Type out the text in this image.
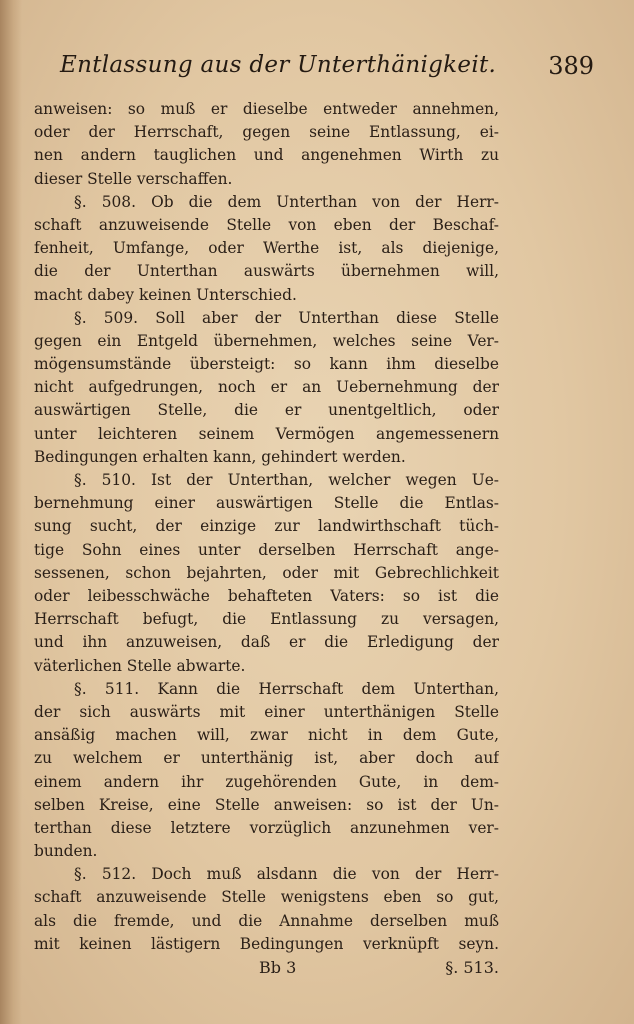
Entlassung aus der Unterthänigkeit. 389
anweisen: so muß er dieselbe entweder annehmen,
oder der Herrschaft, gegen seine Entlassung, ei-
nen andern tauglichen und angenehmen Wirth zu
dieser Stelle verschaffen.
§. 508. Ob die dem Unterthan von der Herr-
schaft anzuweisende Stelle von eben der Beschaf-
fenheit, Umfange, oder Werthe ist, als diejenige,
die der Unterthan auswärts übernehmen will,
macht dabey keinen Unterschied.
§. 509. Soll aber der Unterthan diese Stelle
gegen ein Entgeld übernehmen, welches seine Ver-
mögensumstände übersteigt: so kann ihm dieselbe
nicht aufgedrungen, noch er an Uebernehmung der
auswärtigen Stelle, die er unentgeltlich, oder
unter leichteren seinem Vermögen angemessenern
Bedingungen erhalten kann, gehindert werden.
§. 510. Ist der Unterthan, welcher wegen Ue-
bernehmung einer auswärtigen Stelle die Entlas-
sung sucht, der einzige zur landwirthschaft tüch-
tige Sohn eines unter derselben Herrschaft ange-
sessenen, schon bejahrten, oder mit Gebrechlichkeit
oder leibesschwäche behafteten Vaters: so ist die
Herrschaft befugt, die Entlassung zu versagen,
und ihn anzuweisen, daß er die Erledigung der
väterlichen Stelle abwarte.
§. 511. Kann die Herrschaft dem Unterthan,
der sich auswärts mit einer unterthänigen Stelle
ansäßig machen will, zwar nicht in dem Gute,
zu welchem er unterthänig ist, aber doch auf
einem andern ihr zugehörenden Gute, in dem-
selben Kreise, eine Stelle anweisen: so ist der Un-
terthan diese letztere vorzüglich anzunehmen ver-
bunden.
§. 512. Doch muß alsdann die von der Herr-
schaft anzuweisende Stelle wenigstens eben so gut,
als die fremde, und die Annahme derselben muß
mit keinen lästigern Bedingungen verknüpft seyn.
Bb 3	§. 513.
